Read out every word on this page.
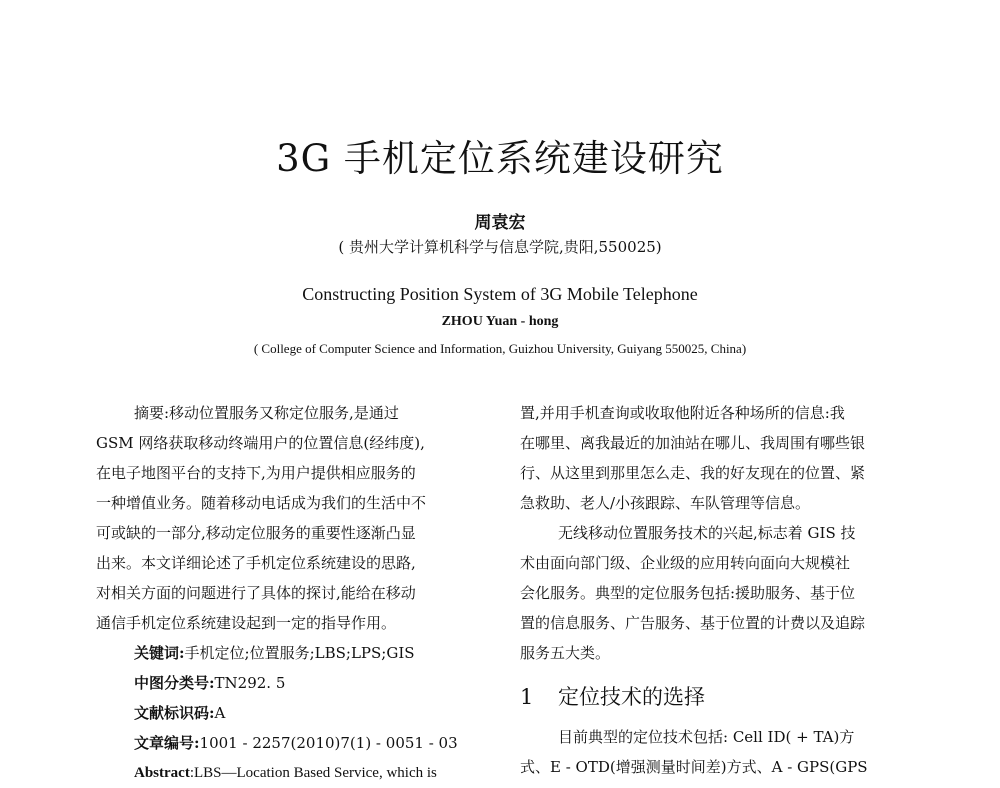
3G 手机定位系统建设研究
周袁宏
( 贵州大学计算机科学与信息学院,贵阳,550025)
Constructing Position System of 3G Mobile Telephone
ZHOU Yuan - hong
( College of Computer Science and Information, Guizhou University, Guiyang 550025, China)
摘要:移动位置服务又称定位服务,是通过
GSM 网络获取移动终端用户的位置信息(经纬度),
在电子地图平台的支持下,为用户提供相应服务的
一种增值业务。随着移动电话成为我们的生活中不
可或缺的一部分,移动定位服务的重要性逐渐凸显
出来。本文详细论述了手机定位系统建设的思路,
对相关方面的问题进行了具体的探讨,能给在移动
通信手机定位系统建设起到一定的指导作用。
关键词:手机定位;位置服务;LBS;LPS;GIS
中图分类号:TN292. 5
文献标识码:A
文章编号:1001 - 2257(2010)7(1) - 0051 - 03
Abstract:LBS—Location Based Service, which is
置,并用手机查询或收取他附近各种场所的信息:我
在哪里、离我最近的加油站在哪儿、我周围有哪些银
行、从这里到那里怎么走、我的好友现在的位置、紧
急救助、老人/小孩跟踪、车队管理等信息。
无线移动位置服务技术的兴起,标志着 GIS 技
术由面向部门级、企业级的应用转向面向大规模社
会化服务。典型的定位服务包括:援助服务、基于位
置的信息服务、广告服务、基于位置的计费以及追踪
服务五大类。
1 定位技术的选择
目前典型的定位技术包括: Cell ID( + TA)方
式、E - OTD(增强测量时间差)方式、A - GPS(GPS
